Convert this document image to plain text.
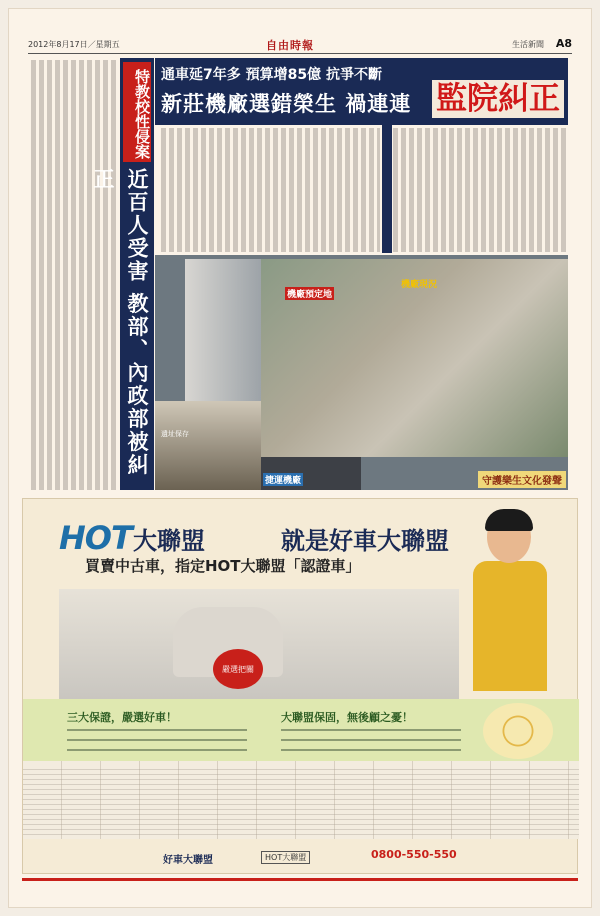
2012年8月17日／星期五	自由時報	生活新聞 A8
特教校性侵案
近百人受害 教部、內政部被糾正
通車延7年多 預算增85億 抗爭不斷
新莊機廠選錯榮生 禍連連 監院糾正
機廠現況
機廠預定地
捷運機廠
遺址保存
守護樂生文化發聲
HOT 大聯盟	就是好車大聯盟
買賣中古車，指定HOT大聯盟「認證車」
嚴選把關
三大保證，嚴選好車！	大聯盟保固，無後顧之憂！
好車大聯盟	HOT大聯盟	0800-550-550
